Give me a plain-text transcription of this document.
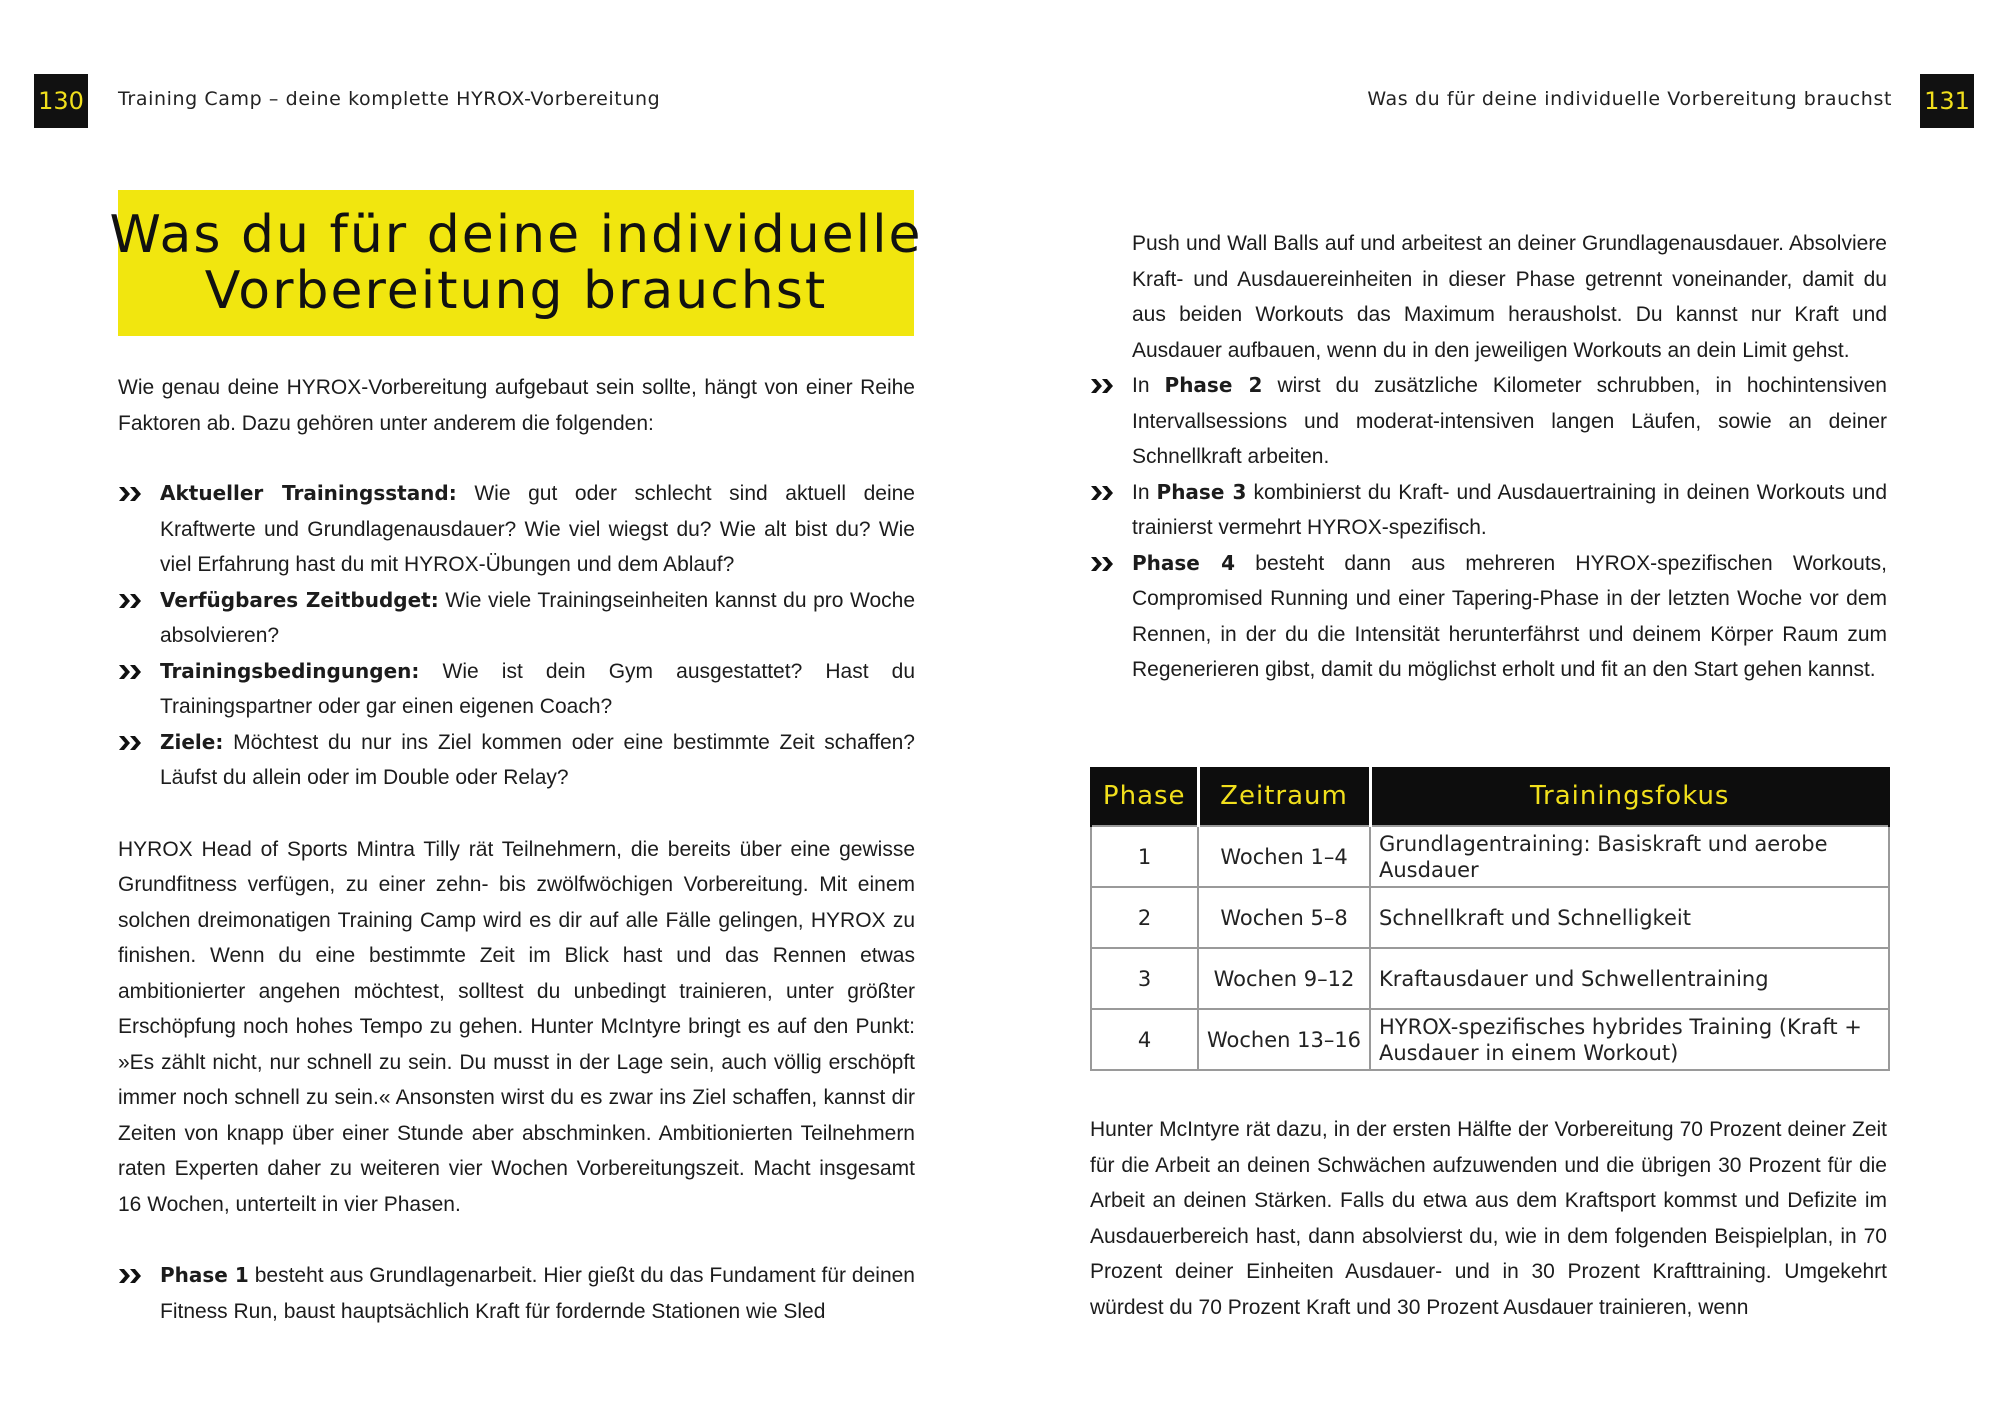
130 Training Camp – deine komplette HYROX-Vorbereitung	Was du für deine individuelle Vorbereitung brauchst 131
Was du für deine individuelle
Vorbereitung brauchst

Wie genau deine HYROX-Vorbereitung aufgebaut sein sollte, hängt von einer Reihe Faktoren ab. Dazu gehören unter anderem die folgenden:

Aktueller Trainingsstand: Wie gut oder schlecht sind aktuell deine Kraftwerte und Grundlagenausdauer? Wie viel wiegst du? Wie alt bist du? Wie viel Erfahrung hast du mit HYROX-Übungen und dem Ablauf?
Verfügbares Zeitbudget: Wie viele Trainingseinheiten kannst du pro Woche absolvieren?
Trainingsbedingungen: Wie ist dein Gym ausgestattet? Hast du Trainingspartner oder gar einen eigenen Coach?
Ziele: Möchtest du nur ins Ziel kommen oder eine bestimmte Zeit schaffen? Läufst du allein oder im Double oder Relay?

HYROX Head of Sports Mintra Tilly rät Teilnehmern, die bereits über eine gewisse Grundfitness verfügen, zu einer zehn- bis zwölfwöchigen Vorbereitung. Mit einem solchen dreimonatigen Training Camp wird es dir auf alle Fälle gelingen, HYROX zu finishen. Wenn du eine bestimmte Zeit im Blick hast und das Rennen etwas ambitionierter angehen möchtest, solltest du unbedingt trainieren, unter größter Erschöpfung noch hohes Tempo zu gehen. Hunter McIntyre bringt es auf den Punkt: »Es zählt nicht, nur schnell zu sein. Du musst in der Lage sein, auch völlig erschöpft immer noch schnell zu sein.« Ansonsten wirst du es zwar ins Ziel schaffen, kannst dir Zeiten von knapp über einer Stunde aber abschminken. Ambitionierten Teilnehmern raten Experten daher zu weiteren vier Wochen Vorbereitungszeit. Macht insgesamt 16 Wochen, unterteilt in vier Phasen.

Phase 1 besteht aus Grundlagenarbeit. Hier gießt du das Fundament für deinen Fitness Run, baust hauptsächlich Kraft für fordernde Stationen wie Sled
Push und Wall Balls auf und arbeitest an deiner Grundlagenausdauer. Absolviere Kraft- und Ausdauereinheiten in dieser Phase getrennt voneinander, damit du aus beiden Workouts das Maximum herausholst. Du kannst nur Kraft und Ausdauer aufbauen, wenn du in den jeweiligen Workouts an dein Limit gehst.
In Phase 2 wirst du zusätzliche Kilometer schrubben, in hochintensiven Intervallsessions und moderat-intensiven langen Läufen, sowie an deiner Schnellkraft arbeiten.
In Phase 3 kombinierst du Kraft- und Ausdauertraining in deinen Workouts und trainierst vermehrt HYROX-spezifisch.
Phase 4 besteht dann aus mehreren HYROX-spezifischen Workouts, Compromised Running und einer Tapering-Phase in der letzten Woche vor dem Rennen, in der du die Intensität herunterfährst und deinem Körper Raum zum Regenerieren gibst, damit du möglichst erholt und fit an den Start gehen kannst.
Phase	Zeitraum	Trainingsfokus
1	Wochen 1–4	Grundlagentraining: Basiskraft und aerobe Ausdauer
2	Wochen 5–8	Schnellkraft und Schnelligkeit
3	Wochen 9–12	Kraftausdauer und Schwellentraining
4	Wochen 13–16	HYROX-spezifisches hybrides Training (Kraft + Ausdauer in einem Workout)

Hunter McIntyre rät dazu, in der ersten Hälfte der Vorbereitung 70 Prozent deiner Zeit für die Arbeit an deinen Schwächen aufzuwenden und die übrigen 30 Prozent für die Arbeit an deinen Stärken. Falls du etwa aus dem Kraftsport kommst und Defizite im Ausdauerbereich hast, dann absolvierst du, wie in dem folgenden Beispielplan, in 70 Prozent deiner Einheiten Ausdauer- und in 30 Prozent Krafttraining. Umgekehrt würdest du 70 Prozent Kraft und 30 Prozent Ausdauer trainieren, wenn
